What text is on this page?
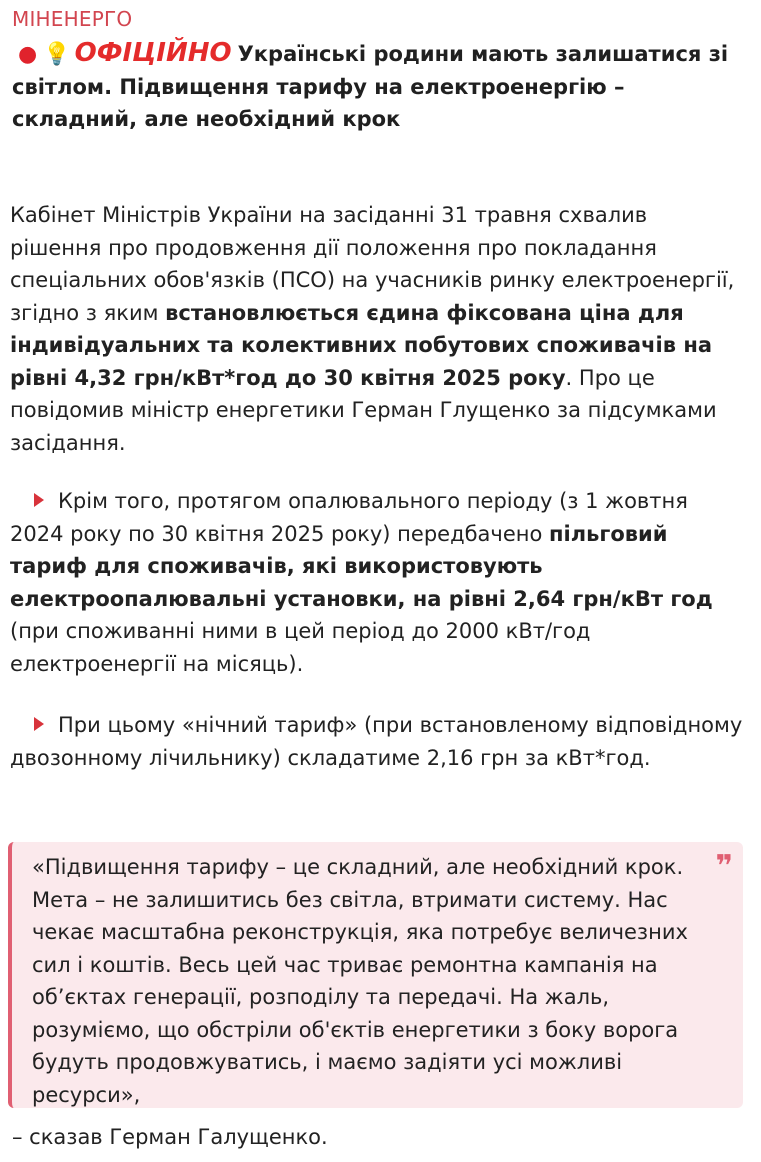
МІНЕНЕРГО
● 💡 ОФІЦІЙНО Українські родини мають залишатися зі світлом. Підвищення тарифу на електроенергію – складний, але необхідний крок
Кабінет Міністрів України на засіданні 31 травня схвалив рішення про продовження дії положення про покладання спеціальних обов'язків (ПСО) на учасників ринку електроенергії, згідно з яким встановлюється єдина фіксована ціна для індивідуальних та колективних побутових споживачів на рівні 4,32 грн/кВт*год до 30 квітня 2025 року. Про це повідомив міністр енергетики Герман Глущенко за підсумками засідання.
Крім того, протягом опалювального періоду (з 1 жовтня 2024 року по 30 квітня 2025 року) передбачено пільговий тариф для споживачів, які використовують електроопалювальні установки, на рівні 2,64 грн/кВт год (при споживанні ними в цей період до 2000 кВт/год електроенергії на місяць).
При цьому «нічний тариф» (при встановленому відповідному двозонному лічильнику) складатиме 2,16 грн за кВт*год.
«Підвищення тарифу – це складний, але необхідний крок. Мета – не залишитись без світла, втримати систему. Нас чекає масштабна реконструкція, яка потребує величезних сил і коштів. Весь цей час триває ремонтна кампанія на об’єктах генерації, розподілу та передачі. На жаль, розуміємо, що обстріли об'єктів енергетики з боку ворога будуть продовжуватись, і маємо задіяти усі можливі ресурси»,
❞
– сказав Герман Галущенко.
